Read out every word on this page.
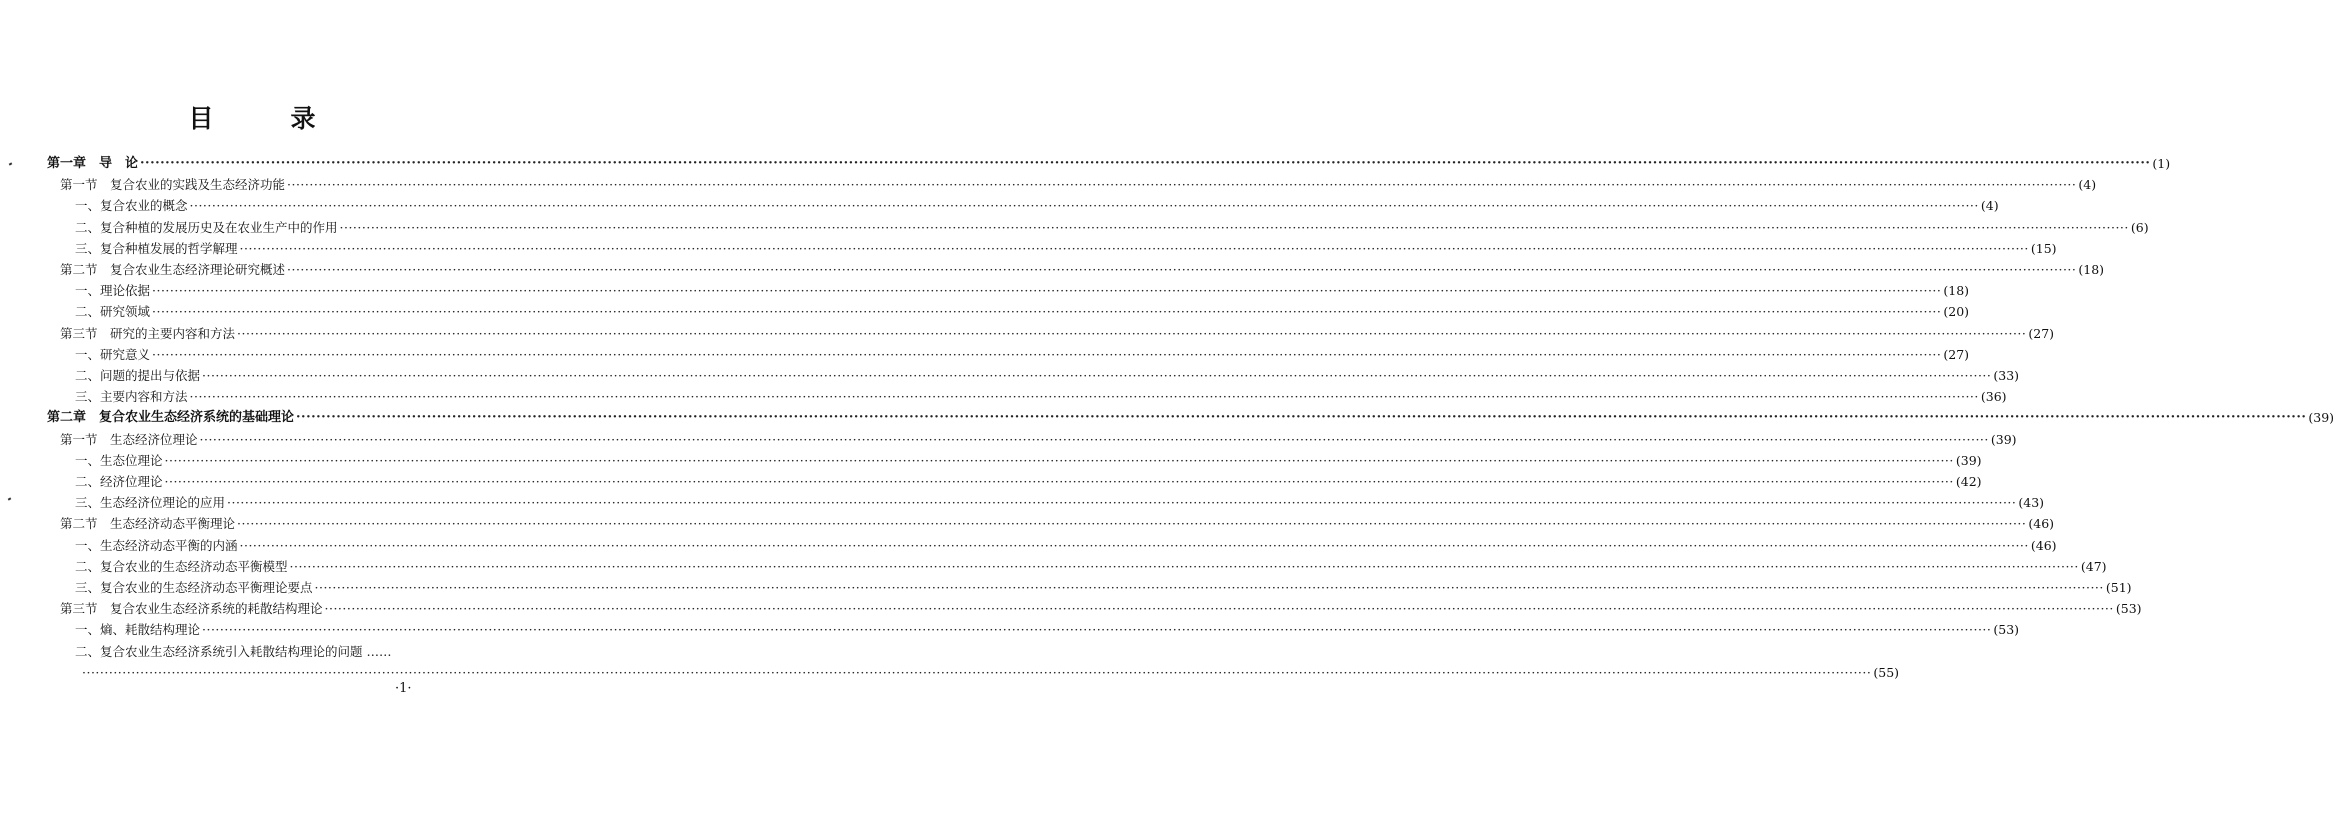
目　录
第一章　导　论 ················································································································································································································································································································································································································ (1)
第一节　复合农业的实践及生态经济功能 ················································································································································································································································································································································································································ (4)
一、复合农业的概念 ················································································································································································································································································································································································································ (4)
二、复合种植的发展历史及在农业生产中的作用 ················································································································································································································································································································································································································ (6)
三、复合种植发展的哲学解理 ················································································································································································································································································································································································································ (15)
第二节　复合农业生态经济理论研究概述 ················································································································································································································································································································································································································ (18)
一、理论依据 ················································································································································································································································································································································································································ (18)
二、研究领域 ················································································································································································································································································································································································································ (20)
第三节　研究的主要内容和方法 ················································································································································································································································································································································································································ (27)
一、研究意义 ················································································································································································································································································································································································································ (27)
二、问题的提出与依据 ················································································································································································································································································································································································································ (33)
三、主要内容和方法 ················································································································································································································································································································································································································ (36)
第二章　复合农业生态经济系统的基础理论 ················································································································································································································································································································································································································ (39)
第一节　生态经济位理论 ················································································································································································································································································································································································································ (39)
一、生态位理论 ················································································································································································································································································································································································································ (39)
二、经济位理论 ················································································································································································································································································································································································································ (42)
三、生态经济位理论的应用 ················································································································································································································································································································································································································ (43)
第二节　生态经济动态平衡理论 ················································································································································································································································································································································································································ (46)
一、生态经济动态平衡的内涵 ················································································································································································································································································································································································································ (46)
二、复合农业的生态经济动态平衡模型 ················································································································································································································································································································································································································ (47)
三、复合农业的生态经济动态平衡理论要点 ················································································································································································································································································································································································································ (51)
第三节　复合农业生态经济系统的耗散结构理论 ················································································································································································································································································································································································································ (53)
一、熵、耗散结构理论 ················································································································································································································································································································································································································ (53)
二、复合农业生态经济系统引入耗散结构理论的问题 ……
················································································································································································································································································································································································································ (55)
·1·
